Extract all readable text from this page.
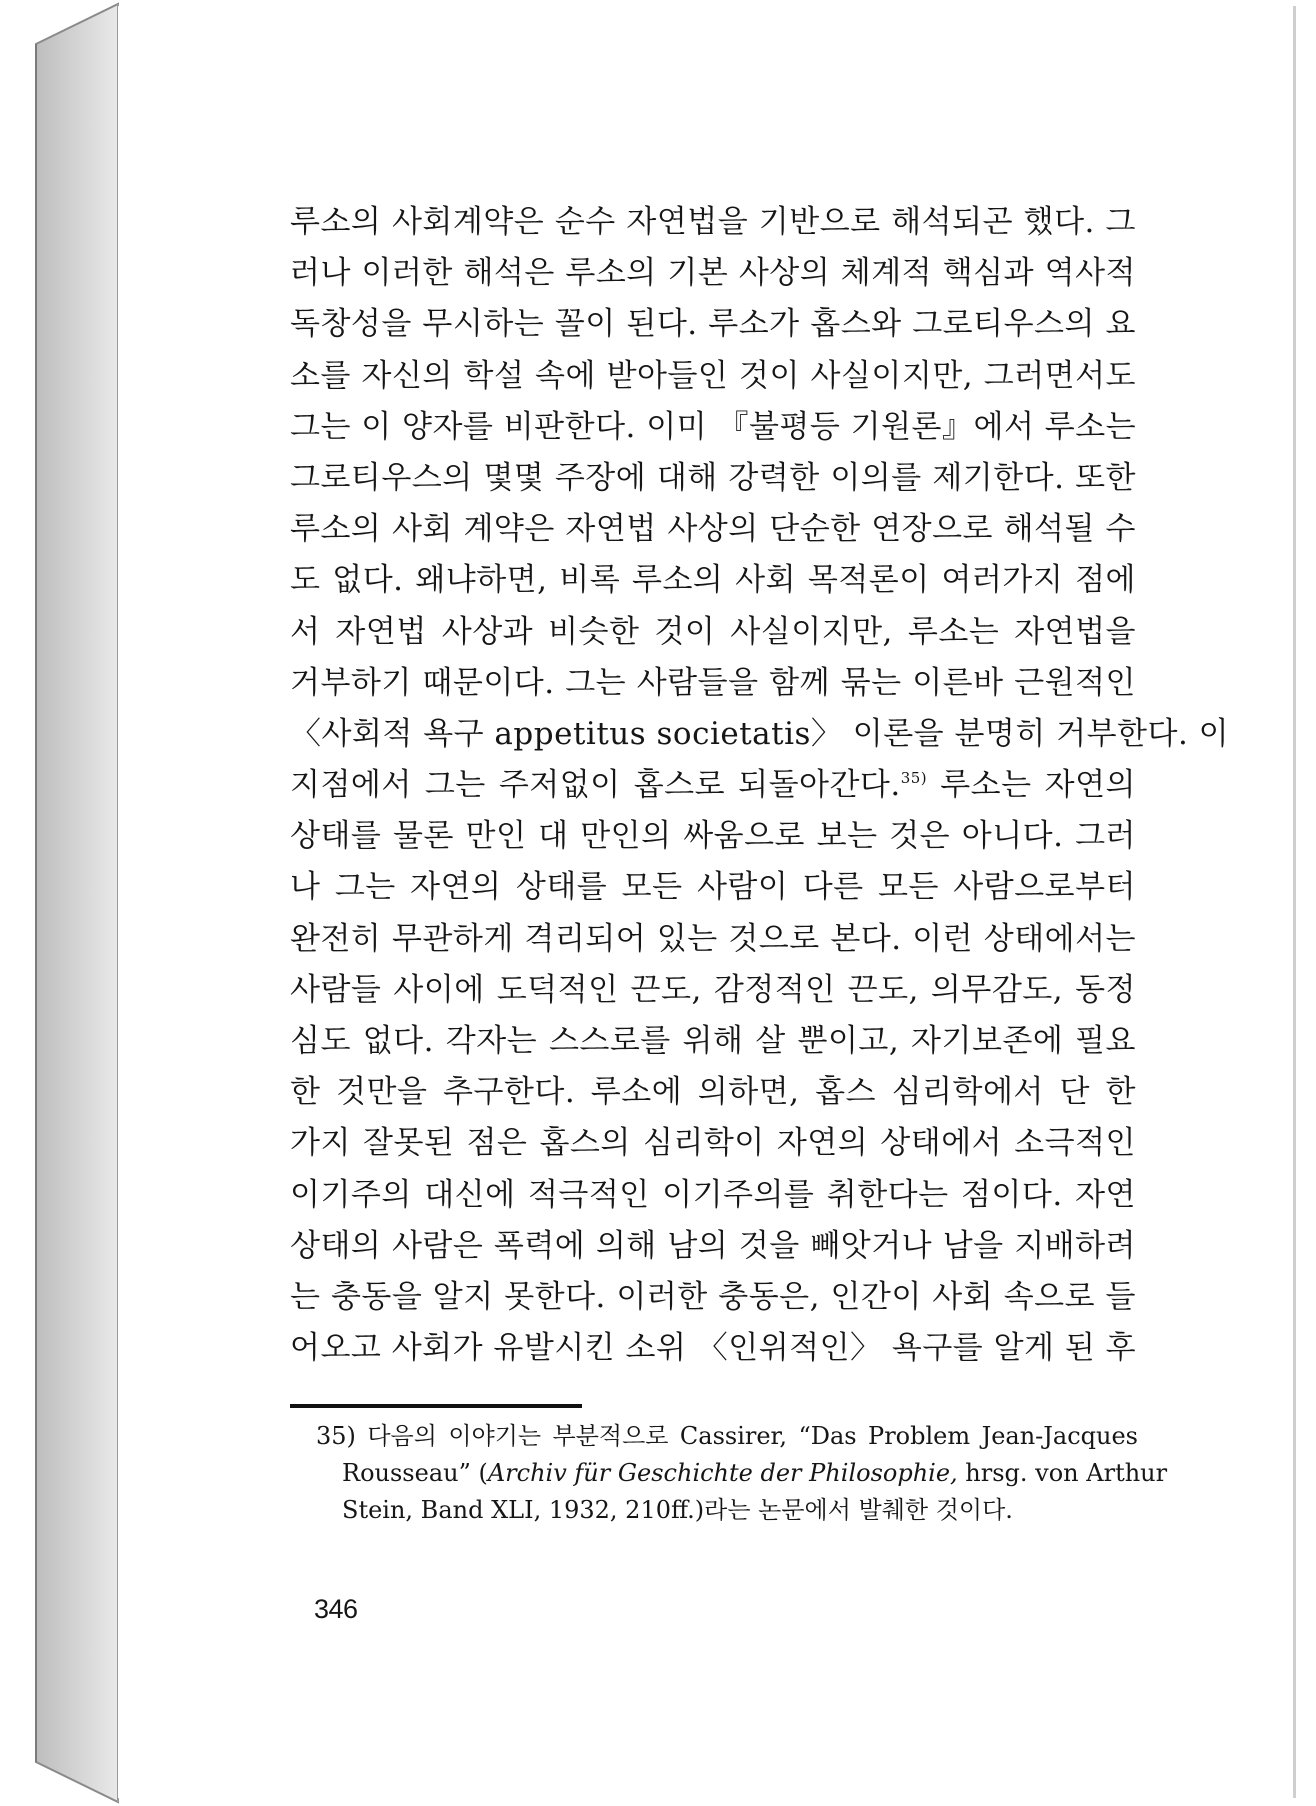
루소의 사회계약은 순수 자연법을 기반으로 해석되곤 했다. 그
러나 이러한 해석은 루소의 기본 사상의 체계적 핵심과 역사적
독창성을 무시하는 꼴이 된다. 루소가 홉스와 그로티우스의 요
소를 자신의 학설 속에 받아들인 것이 사실이지만, 그러면서도
그는 이 양자를 비판한다. 이미 『불평등 기원론』에서 루소는
그로티우스의 몇몇 주장에 대해 강력한 이의를 제기한다. 또한
루소의 사회 계약은 자연법 사상의 단순한 연장으로 해석될 수
도 없다. 왜냐하면, 비록 루소의 사회 목적론이 여러가지 점에
서 자연법 사상과 비슷한 것이 사실이지만, 루소는 자연법을
거부하기 때문이다. 그는 사람들을 함께 묶는 이른바 근원적인
〈사회적 욕구 appetitus societatis〉 이론을 분명히 거부한다. 이
지점에서 그는 주저없이 홉스로 되돌아간다.$^{35)}$ 루소는 자연의
상태를 물론 만인 대 만인의 싸움으로 보는 것은 아니다. 그러
나 그는 자연의 상태를 모든 사람이 다른 모든 사람으로부터
완전히 무관하게 격리되어 있는 것으로 본다. 이런 상태에서는
사람들 사이에 도덕적인 끈도, 감정적인 끈도, 의무감도, 동정
심도 없다. 각자는 스스로를 위해 살 뿐이고, 자기보존에 필요
한 것만을 추구한다. 루소에 의하면, 홉스 심리학에서 단 한
가지 잘못된 점은 홉스의 심리학이 자연의 상태에서 소극적인
이기주의 대신에 적극적인 이기주의를 취한다는 점이다. 자연
상태의 사람은 폭력에 의해 남의 것을 빼앗거나 남을 지배하려
는 충동을 알지 못한다. 이러한 충동은, 인간이 사회 속으로 들
어오고 사회가 유발시킨 소위 〈인위적인〉 욕구를 알게 된 후
35) 다음의 이야기는 부분적으로 Cassirer, “Das Problem Jean-Jacques
Rousseau” (Archiv für Geschichte der Philosophie, hrsg. von Arthur
Stein, Band XLI, 1932, 210ff.)라는 논문에서 발췌한 것이다.
346
